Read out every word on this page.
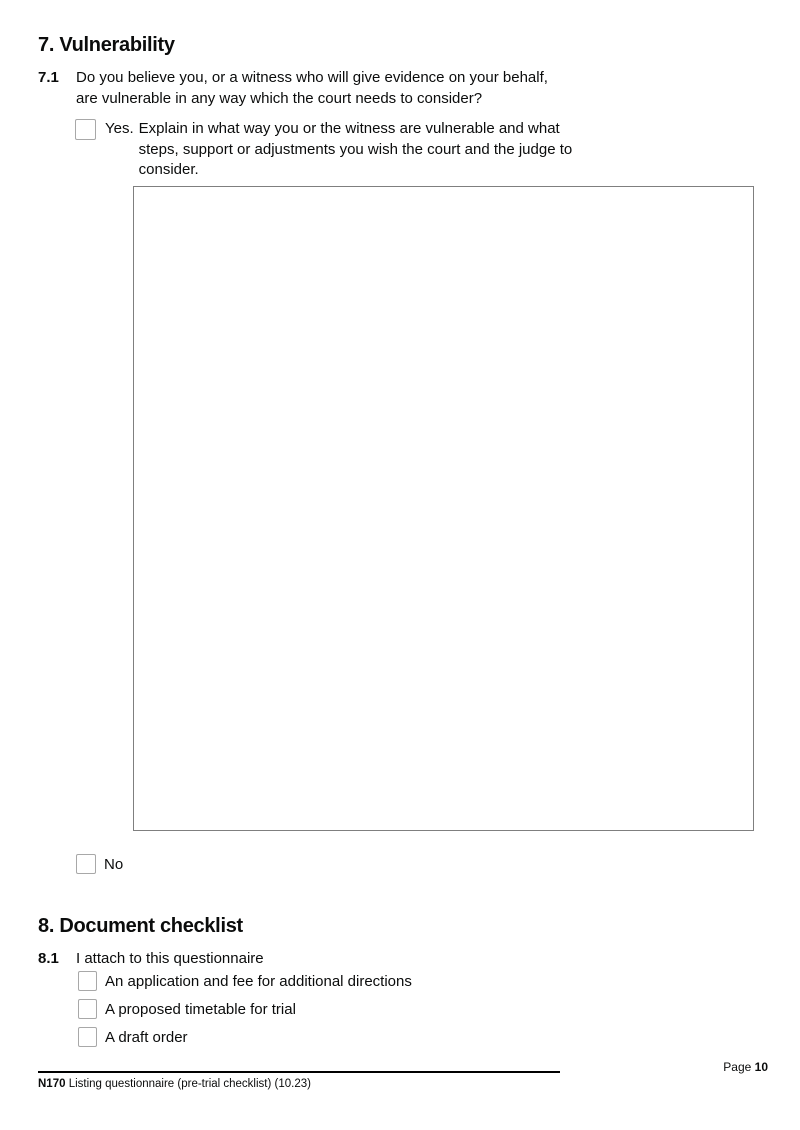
7. Vulnerability
7.1	Do you believe you, or a witness who will give evidence on your behalf, are vulnerable in any way which the court needs to consider?
Yes. Explain in what way you or the witness are vulnerable and what steps, support or adjustments you wish the court and the judge to consider.
No
8. Document checklist
8.1	I attach to this questionnaire
An application and fee for additional directions
A proposed timetable for trial
A draft order
Page 10
N170 Listing questionnaire (pre-trial checklist) (10.23)
